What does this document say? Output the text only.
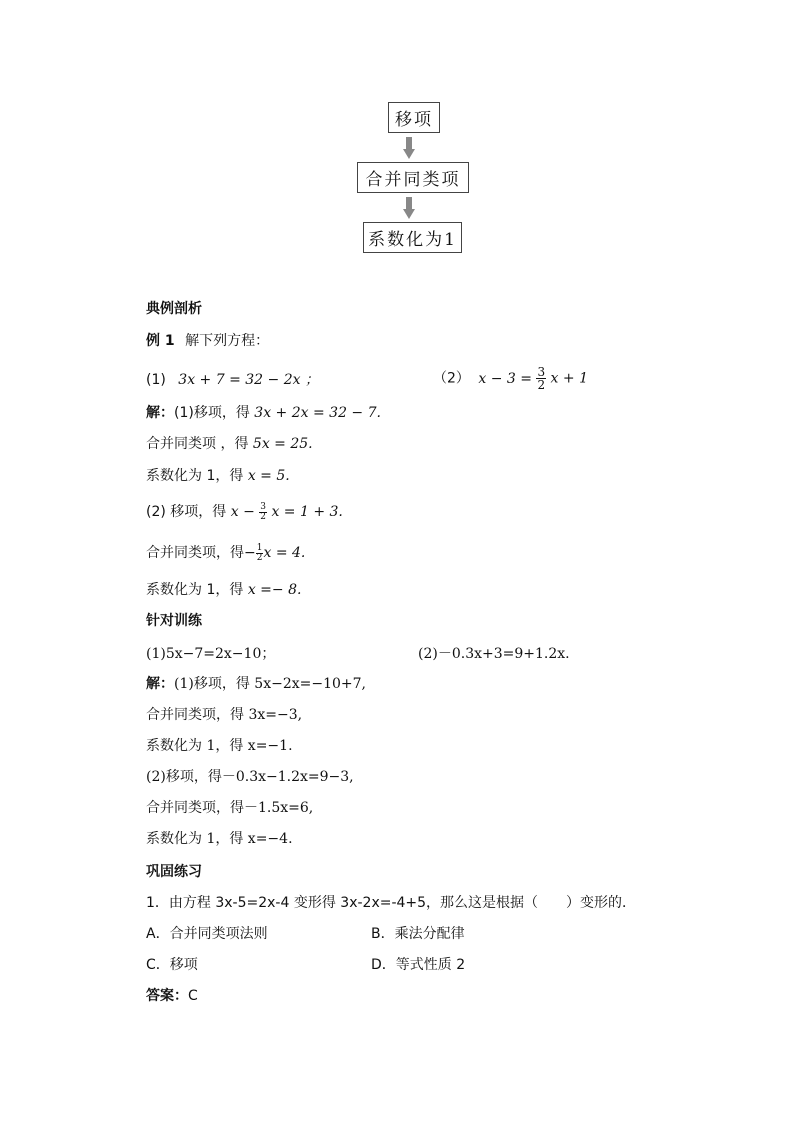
移项
合并同类项
系数化为1
典例剖析
例 1 解下列方程：
(1) 3x + 7 = 32 − 2x ；	（2） $x - 3 = \frac{3}{2}$ x + 1
解：(1)移项，得 3x + 2x = 32 − 7.
合并同类项 ，得 5x = 25.
系数化为 1，得 x = 5.
(2) 移项，得 $x - \frac{3}{2}$ x = 1 + 3.
合并同类项，得− $\frac{1}{2}$ x = 4.
系数化为 1，得 x =− 8.
针对训练
(1)5x−7=2x−10；	(2)－0.3x+3=9+1.2x.
解：(1)移项，得 5x−2x=−10+7,
合并同类项，得 3x=−3,
系数化为 1，得 x=−1.
(2)移项，得－0.3x−1.2x=9−3,
合并同类项，得－1.5x=6,
系数化为 1，得 x=−4.
巩固练习
1．由方程 3x-5=2x-4 变形得 3x-2x=-4+5，那么这是根据（　　）变形的．
A．合并同类项法则	B．乘法分配律
C．移项	D．等式性质 2
答案：C
